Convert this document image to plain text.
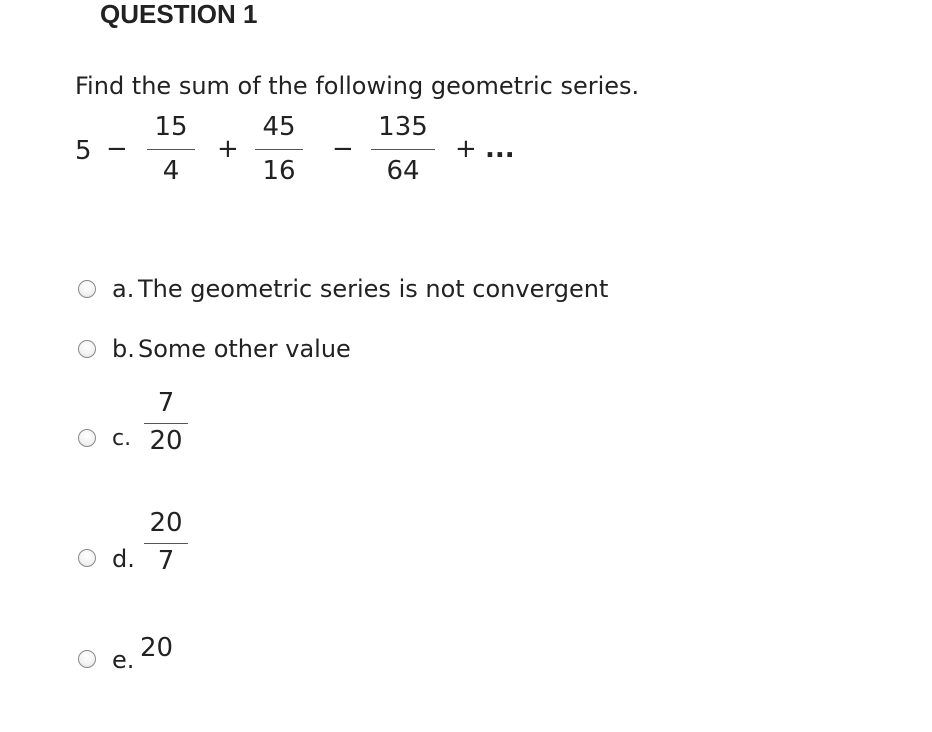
QUESTION 1
Find the sum of the following geometric series.
5 −
15
4
+
45
16
−
135
64
+ ...
a. The geometric series is not convergent
b. Some other value
c.
7
20
d.
20
7
e. 20
